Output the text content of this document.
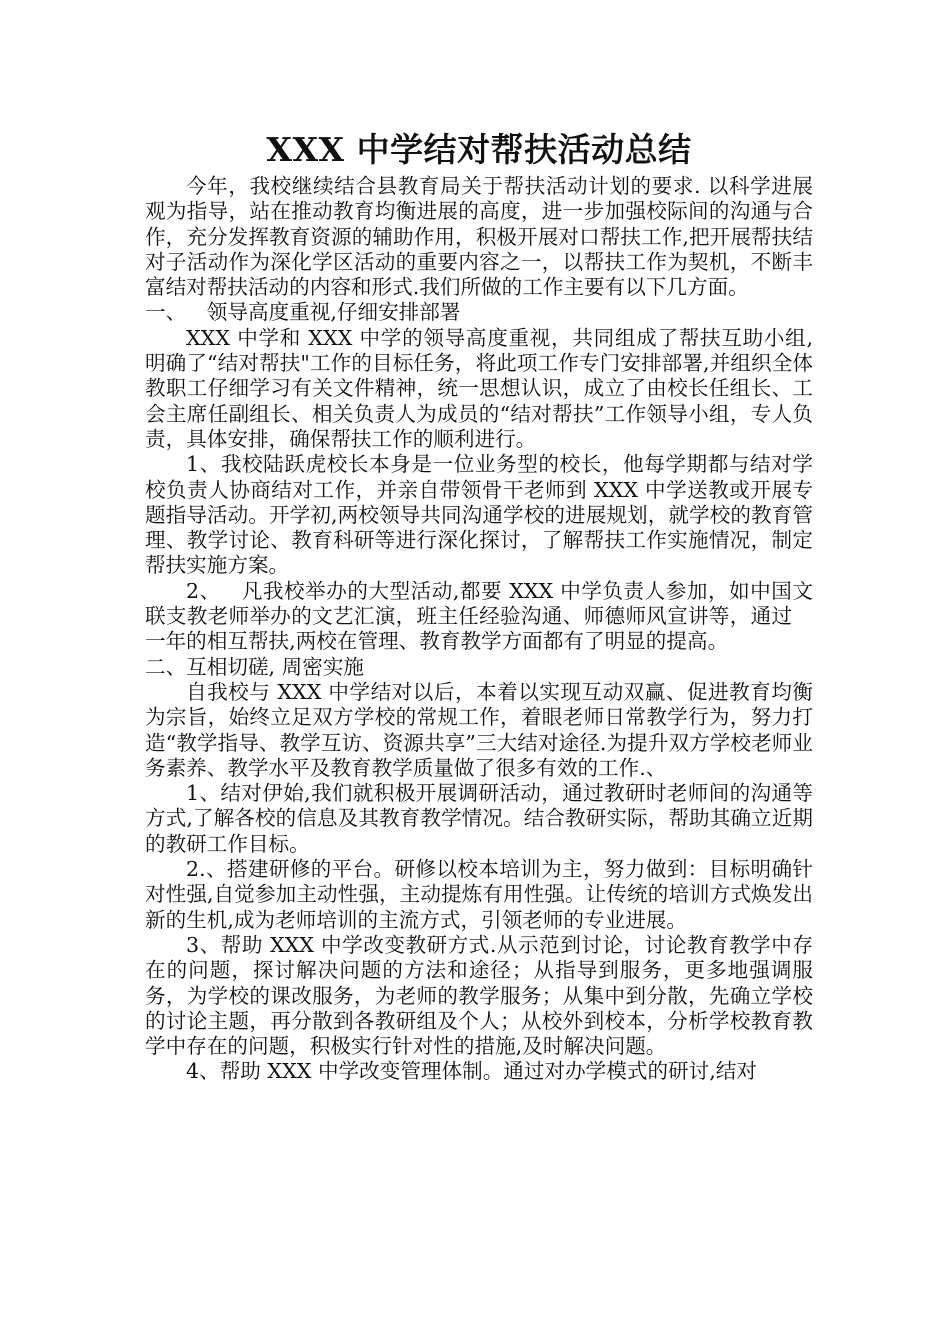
XXX 中学结对帮扶活动总结

今年，我校继续结合县教育局关于帮扶活动计划的要求. 以科学进展观为指导，站在推动教育均衡进展的高度，进一步加强校际间的沟通与合作，充分发挥教育资源的辅助作用，积极开展对口帮扶工作,把开展帮扶结对子活动作为深化学区活动的重要内容之一，以帮扶工作为契机，不断丰富结对帮扶活动的内容和形式.我们所做的工作主要有以下几方面。

一、 领导高度重视,仔细安排部署

XXX 中学和 XXX 中学的领导高度重视，共同组成了帮扶互助小组,明确了“结对帮扶"工作的目标任务，将此项工作专门安排部署,并组织全体教职工仔细学习有关文件精神，统一思想认识，成立了由校长任组长、工会主席任副组长、相关负责人为成员的“结对帮扶”工作领导小组，专人负责，具体安排，确保帮扶工作的顺利进行。

1、我校陆跃虎校长本身是一位业务型的校长，他每学期都与结对学校负责人协商结对工作，并亲自带领骨干老师到 XXX 中学送教或开展专题指导活动。开学初,两校领导共同沟通学校的进展规划，就学校的教育管理、教学讨论、教育科研等进行深化探讨，了解帮扶工作实施情况，制定帮扶实施方案。

2、 凡我校举办的大型活动,都要 XXX 中学负责人参加，如中国文联支教老师举办的文艺汇演，班主任经验沟通、师德师风宣讲等，通过 一年的相互帮扶,两校在管理、教育教学方面都有了明显的提高。

二、互相切磋, 周密实施

自我校与 XXX 中学结对以后，本着以实现互动双赢、促进教育均衡为宗旨，始终立足双方学校的常规工作，着眼老师日常教学行为，努力打造“教学指导、教学互访、资源共享”三大结对途径.为提升双方学校老师业务素养、教学水平及教育教学质量做了很多有效的工作.、

1、结对伊始,我们就积极开展调研活动，通过教研时老师间的沟通等方式,了解各校的信息及其教育教学情况。结合教研实际，帮助其确立近期的教研工作目标。

2.、搭建研修的平台。研修以校本培训为主，努力做到：目标明确针对性强,自觉参加主动性强，主动提炼有用性强。让传统的培训方式焕发出新的生机,成为老师培训的主流方式，引领老师的专业进展。

3、帮助 XXX 中学改变教研方式.从示范到讨论，讨论教育教学中存在的问题，探讨解决问题的方法和途径；从指导到服务，更多地强调服务，为学校的课改服务，为老师的教学服务；从集中到分散，先确立学校的讨论主题，再分散到各教研组及个人；从校外到校本，分析学校教育教学中存在的问题，积极实行针对性的措施,及时解决问题。

4、帮助 XXX 中学改变管理体制。通过对办学模式的研讨,结对
